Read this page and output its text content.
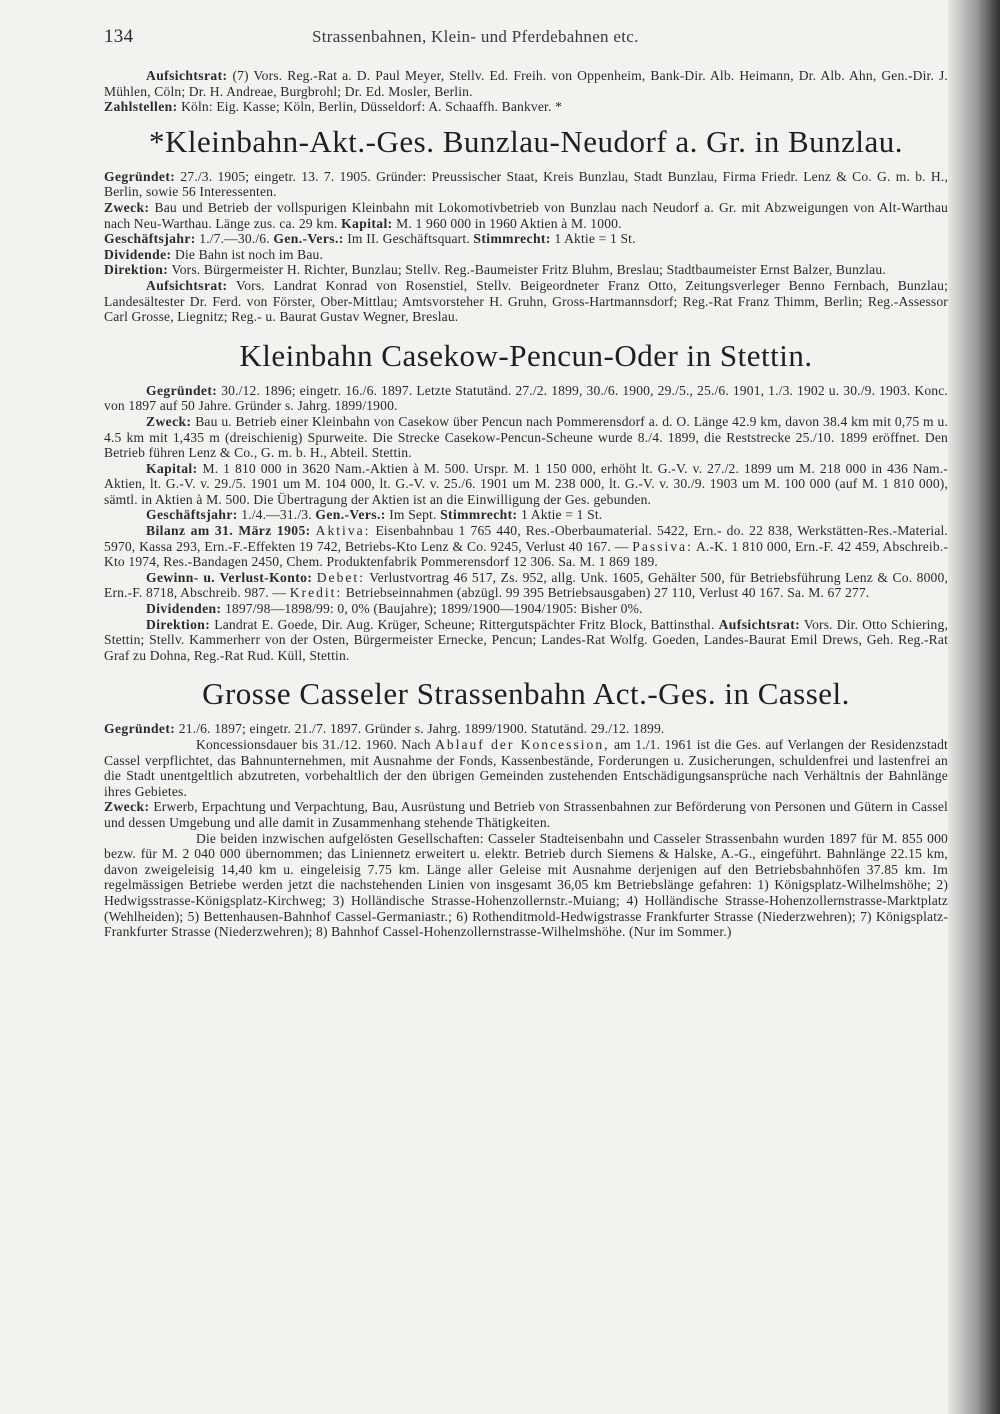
134	Strassenbahnen, Klein- und Pferdebahnen etc.

Aufsichtsrat: (7) Vors. Reg.-Rat a. D. Paul Meyer, Stellv. Ed. Freih. von Oppenheim, Bank-Dir. Alb. Heimann, Dr. Alb. Ahn, Gen.-Dir. J. Mühlen, Cöln; Dr. H. Andreae, Burgbrohl; Dr. Ed. Mosler, Berlin.

Zahlstellen: Köln: Eig. Kasse; Köln, Berlin, Düsseldorf: A. Schaaffh. Bankver. *

*Kleinbahn-Akt.-Ges. Bunzlau-Neudorf a. Gr. in Bunzlau.

Gegründet: 27./3. 1905; eingetr. 13. 7. 1905. Gründer: Preussischer Staat, Kreis Bunzlau, Stadt Bunzlau, Firma Friedr. Lenz & Co. G. m. b. H., Berlin, sowie 56 Interessenten.

Zweck: Bau und Betrieb der vollspurigen Kleinbahn mit Lokomotivbetrieb von Bunzlau nach Neudorf a. Gr. mit Abzweigungen von Alt-Warthau nach Neu-Warthau. Länge zus. ca. 29 km. Kapital: M. 1 960 000 in 1960 Aktien à M. 1000.

Geschäftsjahr: 1./7.—30./6. Gen.-Vers.: Im II. Geschäftsquart. Stimmrecht: 1 Aktie = 1 St.

Dividende: Die Bahn ist noch im Bau.

Direktion: Vors. Bürgermeister H. Richter, Bunzlau; Stellv. Reg.-Baumeister Fritz Bluhm, Breslau; Stadtbaumeister Ernst Balzer, Bunzlau.

Aufsichtsrat: Vors. Landrat Konrad von Rosenstiel, Stellv. Beigeordneter Franz Otto, Zeitungsverleger Benno Fernbach, Bunzlau; Landesältester Dr. Ferd. von Förster, Ober-Mittlau; Amtsvorsteher H. Gruhn, Gross-Hartmannsdorf; Reg.-Rat Franz Thimm, Berlin; Reg.-Assessor Carl Grosse, Liegnitz; Reg.- u. Baurat Gustav Wegner, Breslau.

Kleinbahn Casekow-Pencun-Oder in Stettin.

Gegründet: 30./12. 1896; eingetr. 16./6. 1897. Letzte Statutänd. 27./2. 1899, 30./6. 1900, 29./5., 25./6. 1901, 1./3. 1902 u. 30./9. 1903. Konc. von 1897 auf 50 Jahre. Gründer s. Jahrg. 1899/1900.

Zweck: Bau u. Betrieb einer Kleinbahn von Casekow über Pencun nach Pommerensdorf a. d. O. Länge 42.9 km, davon 38.4 km mit 0,75 m u. 4.5 km mit 1,435 m (dreischienig) Spurweite. Die Strecke Casekow-Pencun-Scheune wurde 8./4. 1899, die Reststrecke 25./10. 1899 eröffnet. Den Betrieb führen Lenz & Co., G. m. b. H., Abteil. Stettin.

Kapital: M. 1 810 000 in 3620 Nam.-Aktien à M. 500. Urspr. M. 1 150 000, erhöht lt. G.-V. v. 27./2. 1899 um M. 218 000 in 436 Nam.-Aktien, lt. G.-V. v. 29./5. 1901 um M. 104 000, lt. G.-V. v. 25./6. 1901 um M. 238 000, lt. G.-V. v. 30./9. 1903 um M. 100 000 (auf M. 1 810 000), sämtl. in Aktien à M. 500. Die Übertragung der Aktien ist an die Einwilligung der Ges. gebunden.

Geschäftsjahr: 1./4.—31./3. Gen.-Vers.: Im Sept. Stimmrecht: 1 Aktie = 1 St.

Bilanz am 31. März 1905: Aktiva: Eisenbahnbau 1 765 440, Res.-Oberbaumaterial. 5422, Ern.- do. 22 838, Werkstätten-Res.-Material. 5970, Kassa 293, Ern.-F.-Effekten 19 742, Betriebs-Kto Lenz & Co. 9245, Verlust 40 167. — Passiva: A.-K. 1 810 000, Ern.-F. 42 459, Abschreib.-Kto 1974, Res.-Bandagen 2450, Chem. Produktenfabrik Pommerensdorf 12 306. Sa. M. 1 869 189.

Gewinn- u. Verlust-Konto: Debet: Verlustvortrag 46 517, Zs. 952, allg. Unk. 1605, Gehälter 500, für Betriebsführung Lenz & Co. 8000, Ern.-F. 8718, Abschreib. 987. — Kredit: Betriebseinnahmen (abzügl. 99 395 Betriebsausgaben) 27 110, Verlust 40 167. Sa. M. 67 277.

Dividenden: 1897/98—1898/99: 0, 0% (Baujahre); 1899/1900—1904/1905: Bisher 0%.

Direktion: Landrat E. Goede, Dir. Aug. Krüger, Scheune; Rittergutspächter Fritz Block, Battinsthal. Aufsichtsrat: Vors. Dir. Otto Schiering, Stettin; Stellv. Kammerherr von der Osten, Bürgermeister Ernecke, Pencun; Landes-Rat Wolfg. Goeden, Landes-Baurat Emil Drews, Geh. Reg.-Rat Graf zu Dohna, Reg.-Rat Rud. Küll, Stettin.

Grosse Casseler Strassenbahn Act.-Ges. in Cassel.

Gegründet: 21./6. 1897; eingetr. 21./7. 1897. Gründer s. Jahrg. 1899/1900. Statutänd. 29./12. 1899.

Koncessionsdauer bis 31./12. 1960. Nach Ablauf der Koncession, am 1./1. 1961 ist die Ges. auf Verlangen der Residenzstadt Cassel verpflichtet, das Bahnunternehmen, mit Ausnahme der Fonds, Kassenbestände, Forderungen u. Zusicherungen, schuldenfrei und lastenfrei an die Stadt unentgeltlich abzutreten, vorbehaltlich der den übrigen Gemeinden zustehenden Entschädigungsansprüche nach Verhältnis der Bahnlänge ihres Gebietes.

Zweck: Erwerb, Erpachtung und Verpachtung, Bau, Ausrüstung und Betrieb von Strassenbahnen zur Beförderung von Personen und Gütern in Cassel und dessen Umgebung und alle damit in Zusammenhang stehende Thätigkeiten.

Die beiden inzwischen aufgelösten Gesellschaften: Casseler Stadteisenbahn und Casseler Strassenbahn wurden 1897 für M. 855 000 bezw. für M. 2 040 000 übernommen; das Liniennetz erweitert u. elektr. Betrieb durch Siemens & Halske, A.-G., eingeführt. Bahnlänge 22.15 km, davon zweigeleisig 14,40 km u. eingeleisig 7.75 km. Länge aller Geleise mit Ausnahme derjenigen auf den Betriebsbahnhöfen 37.85 km. Im regelmässigen Betriebe werden jetzt die nachstehenden Linien von insgesamt 36,05 km Betriebslänge gefahren: 1) Königsplatz-Wilhelmshöhe; 2) Hedwigsstrasse-Königsplatz-Kirchweg; 3) Holländische Strasse-Hohenzollernstr.-Muiang; 4) Holländische Strasse-Hohenzollernstrasse-Marktplatz (Wehlheiden); 5) Bettenhausen-Bahnhof Cassel-Germaniastr.; 6) Rothenditmold-Hedwigstrasse Frankfurter Strasse (Niederzwehren); 7) Königsplatz-Frankfurter Strasse (Niederzwehren); 8) Bahnhof Cassel-Hohenzollernstrasse-Wilhelmshöhe. (Nur im Sommer.)
